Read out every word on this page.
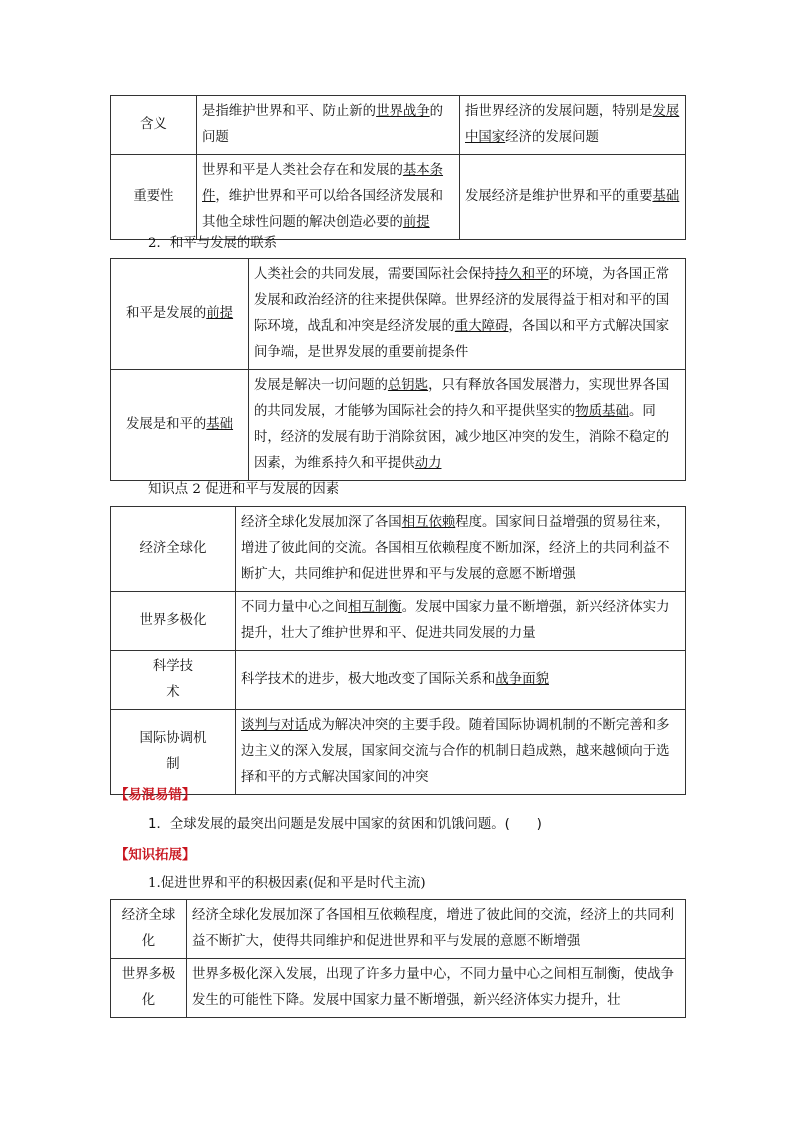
含义	是指维护世界和平、防止新的世界战争的问题	指世界经济的发展问题，特别是发展中国家经济的发展问题
重要性	世界和平是人类社会存在和发展的基本条件，维护世界和平可以给各国经济发展和其他全球性问题的解决创造必要的前提	发展经济是维护世界和平的重要基础
2．和平与发展的联系
和平是发展的前提	人类社会的共同发展，需要国际社会保持持久和平的环境，为各国正常发展和政治经济的往来提供保障。世界经济的发展得益于相对和平的国际环境，战乱和冲突是经济发展的重大障碍，各国以和平方式解决国家间争端，是世界发展的重要前提条件
发展是和平的基础	发展是解决一切问题的总钥匙，只有释放各国发展潜力，实现世界各国的共同发展，才能够为国际社会的持久和平提供坚实的物质基础。同时，经济的发展有助于消除贫困，减少地区冲突的发生，消除不稳定的因素，为维系持久和平提供动力
知识点 2 促进和平与发展的因素
经济全球化	经济全球化发展加深了各国相互依赖程度。国家间日益增强的贸易往来，增进了彼此间的交流。各国相互依赖程度不断加深，经济上的共同利益不断扩大，共同维护和促进世界和平与发展的意愿不断增强
世界多极化	不同力量中心之间相互制衡。发展中国家力量不断增强，新兴经济体实力提升，壮大了维护世界和平、促进共同发展的力量
科学技术	科学技术的进步，极大地改变了国际关系和战争面貌
国际协调机制	谈判与对话成为解决冲突的主要手段。随着国际协调机制的不断完善和多边主义的深入发展，国家间交流与合作的机制日趋成熟，越来越倾向于选择和平的方式解决国家间的冲突
【易混易错】
1．全球发展的最突出问题是发展中国家的贫困和饥饿问题。(　　)
【知识拓展】
1.促进世界和平的积极因素(促和平是时代主流)
经济全球化	经济全球化发展加深了各国相互依赖程度，增进了彼此间的交流，经济上的共同利益不断扩大，使得共同维护和促进世界和平与发展的意愿不断增强
世界多极化	世界多极化深入发展，出现了许多力量中心，不同力量中心之间相互制衡，使战争发生的可能性下降。发展中国家力量不断增强，新兴经济体实力提升，壮
